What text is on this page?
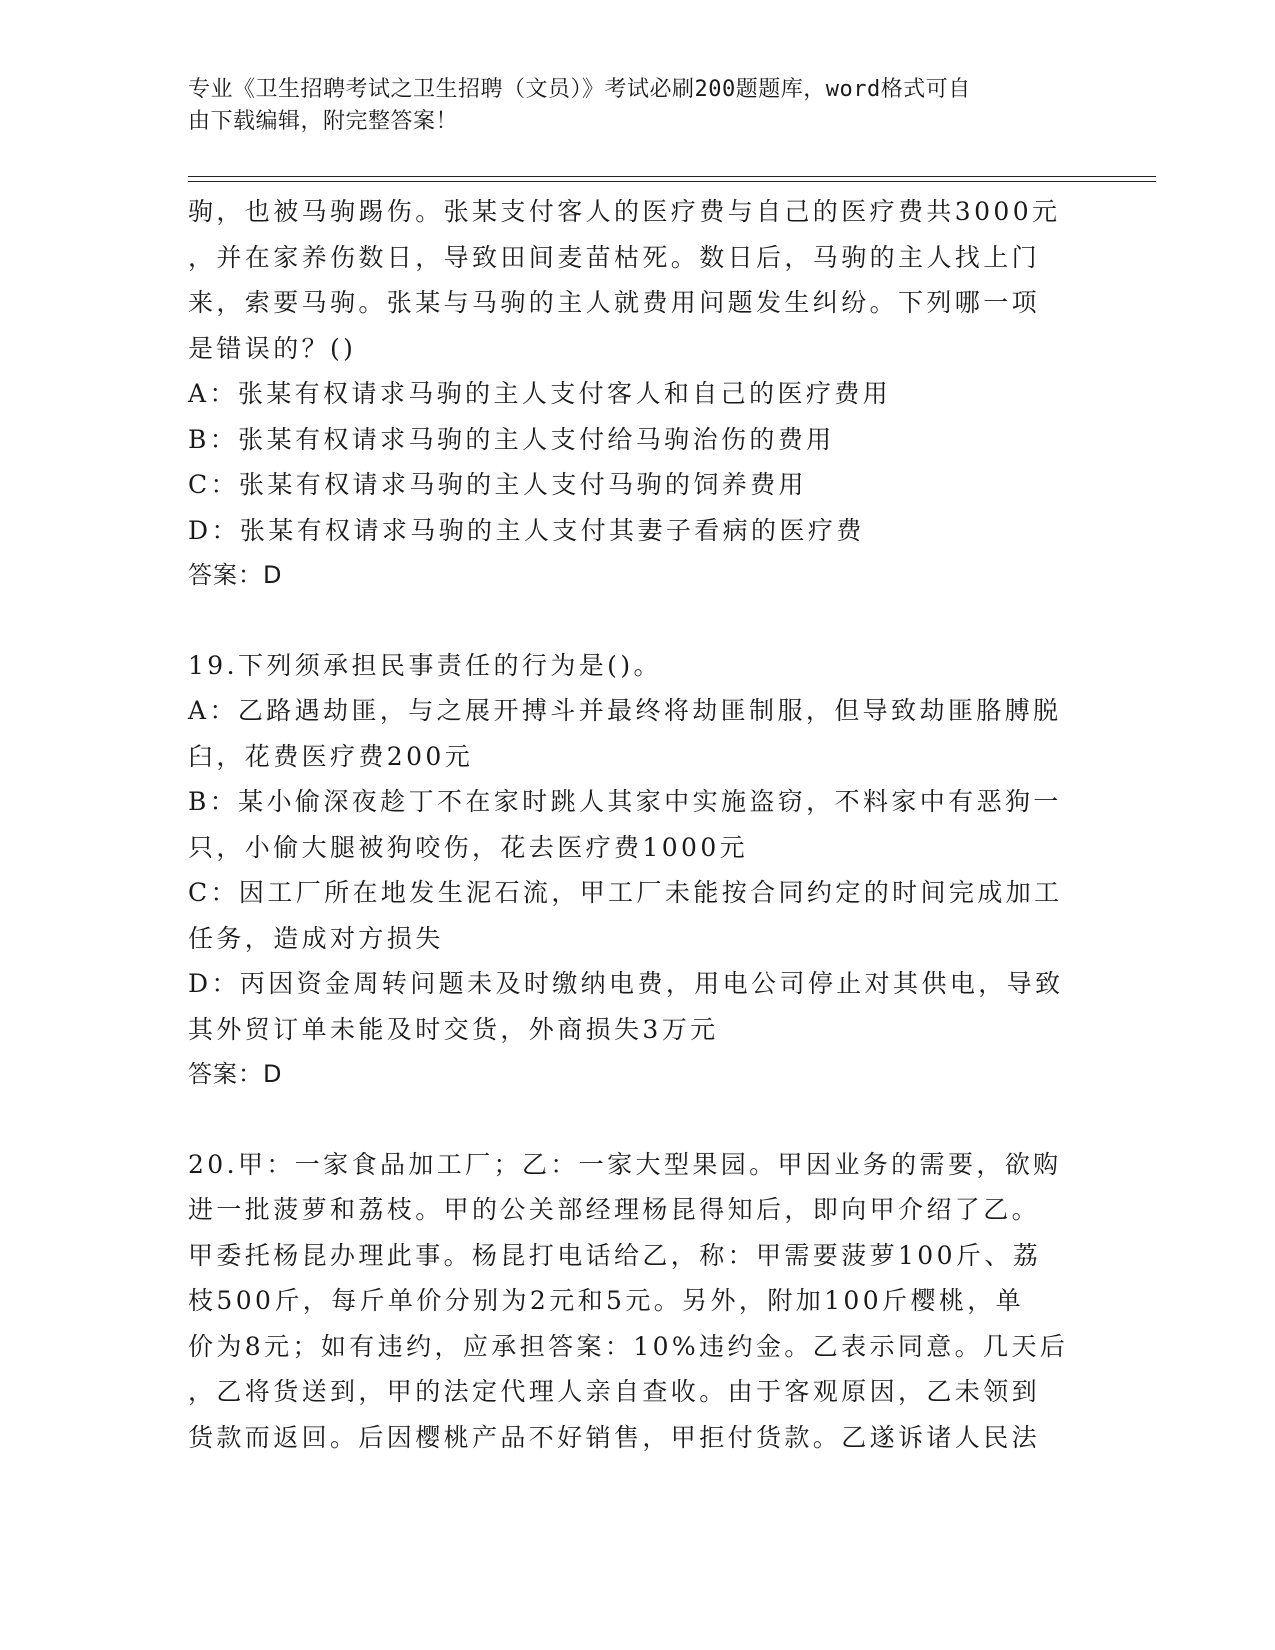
专业《卫生招聘考试之卫生招聘（文员）》考试必刷200题题库，word格式可自
由下载编辑，附完整答案！
驹，也被马驹踢伤。张某支付客人的医疗费与自己的医疗费共3000元
，并在家养伤数日，导致田间麦苗枯死。数日后，马驹的主人找上门
来，索要马驹。张某与马驹的主人就费用问题发生纠纷。下列哪一项
是错误的？()
A：张某有权请求马驹的主人支付客人和自己的医疗费用
B：张某有权请求马驹的主人支付给马驹治伤的费用
C：张某有权请求马驹的主人支付马驹的饲养费用
D：张某有权请求马驹的主人支付其妻子看病的医疗费
答案：D
19.下列须承担民事责任的行为是()。
A：乙路遇劫匪，与之展开搏斗并最终将劫匪制服，但导致劫匪胳膊脱
臼，花费医疗费200元
B：某小偷深夜趁丁不在家时跳人其家中实施盗窃，不料家中有恶狗一
只，小偷大腿被狗咬伤，花去医疗费1000元
C：因工厂所在地发生泥石流，甲工厂未能按合同约定的时间完成加工
任务，造成对方损失
D：丙因资金周转问题未及时缴纳电费，用电公司停止对其供电，导致
其外贸订单未能及时交货，外商损失3万元
答案：D
20.甲：一家食品加工厂；乙：一家大型果园。甲因业务的需要，欲购
进一批菠萝和荔枝。甲的公关部经理杨昆得知后，即向甲介绍了乙。
甲委托杨昆办理此事。杨昆打电话给乙，称：甲需要菠萝100斤、荔
枝500斤，每斤单价分别为2元和5元。另外，附加100斤樱桃，单
价为8元；如有违约，应承担答案：10%违约金。乙表示同意。几天后
，乙将货送到，甲的法定代理人亲自查收。由于客观原因，乙未领到
货款而返回。后因樱桃产品不好销售，甲拒付货款。乙遂诉诸人民法
